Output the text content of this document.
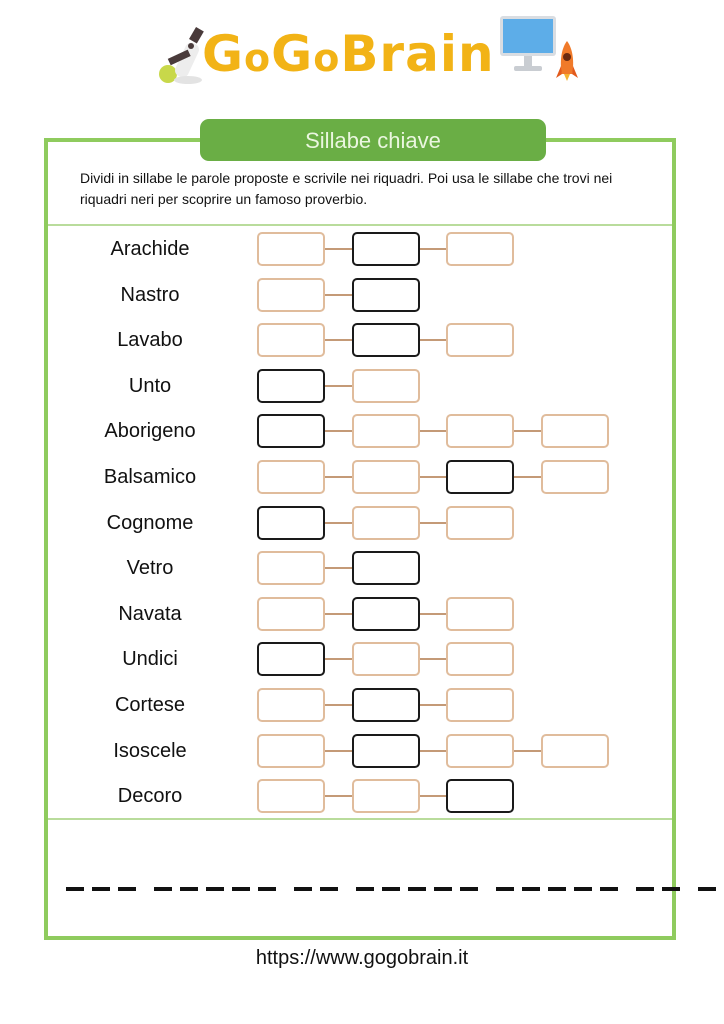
GoGoBrain
Sillabe chiave
Dividi in sillabe le parole proposte e scrivile nei riquadri. Poi usa le sillabe che trovi nei riquadri neri per scoprire un famoso proverbio.
Arachide
Nastro
Lavabo
Unto
Aborigeno
Balsamico
Cognome
Vetro
Navata
Undici
Cortese
Isoscele
Decoro
https://www.gogobrain.it
